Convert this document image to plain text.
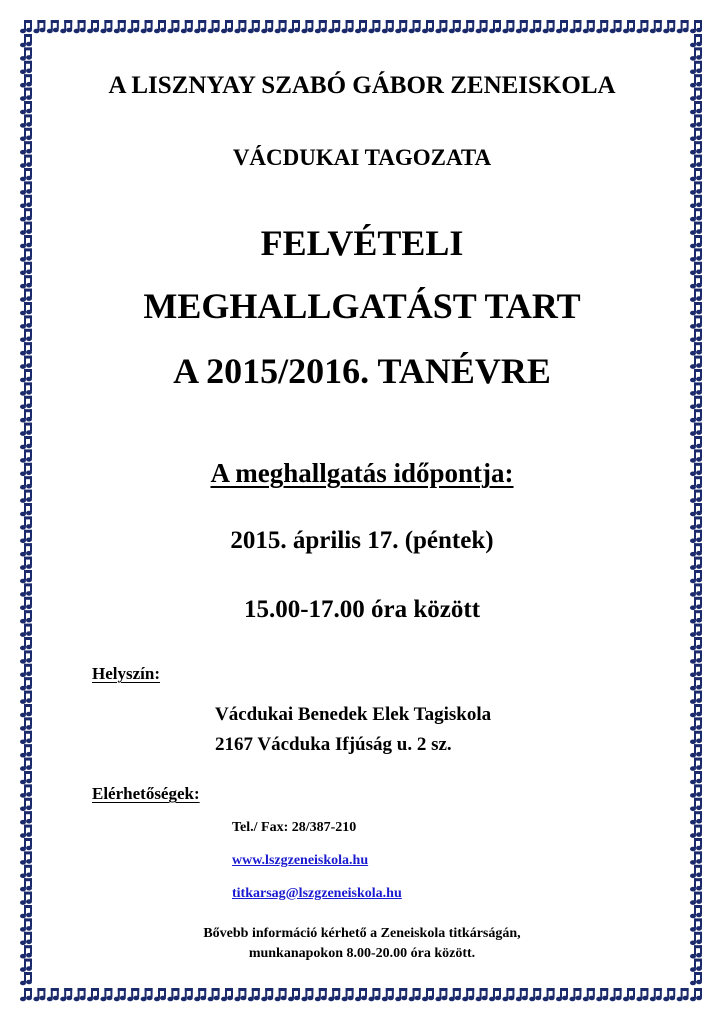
A LISZNYAY SZABÓ GÁBOR ZENEISKOLA
VÁCDUKAI TAGOZATA
FELVÉTELI
MEGHALLGATÁST TART
A 2015/2016. TANÉVRE
A meghallgatás időpontja:
2015. április 17. (péntek)
15.00-17.00 óra között
Helyszín:
Vácdukai Benedek Elek Tagiskola
2167 Vácduka Ifjúság u. 2 sz.
Elérhetőségek:
Tel./ Fax: 28/387-210
www.lszgzeneiskola.hu
titkarsag@lszgzeneiskola.hu
Bővebb információ kérhető a Zeneiskola titkárságán,
munkanapokon 8.00-20.00 óra között.
